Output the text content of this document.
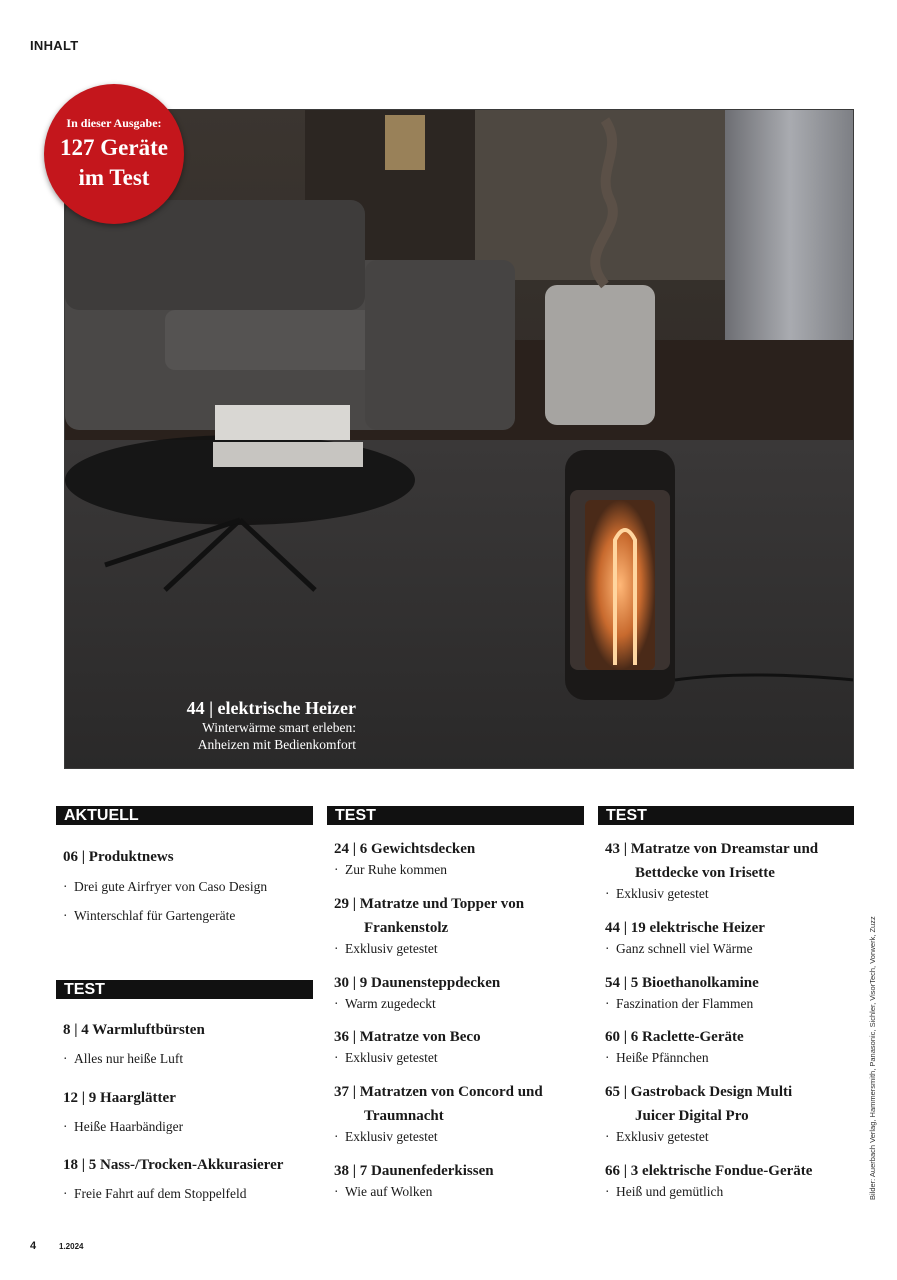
INHALT
In dieser Ausgabe:
127 Geräte
im Test
44 | elektrische Heizer
Winterwärme smart erleben:
Anheizen mit Bedienkomfort
AKTUELL
06 | Produktnews
· Drei gute Airfryer von Caso Design
· Winterschlaf für Gartengeräte
TEST
8 | 4 Warmluftbürsten
· Alles nur heiße Luft
12 | 9 Haarglätter
· Heiße Haarbändiger
18 | 5 Nass-/Trocken-Akkurasierer
· Freie Fahrt auf dem Stoppelfeld
TEST
24 | 6 Gewichtsdecken
· Zur Ruhe kommen
29 | Matratze und Topper von
Frankenstolz
· Exklusiv getestet
30 | 9 Daunensteppdecken
· Warm zugedeckt
36 | Matratze von Beco
· Exklusiv getestet
37 | Matratzen von Concord und
Traumnacht
· Exklusiv getestet
38 | 7 Daunenfederkissen
· Wie auf Wolken
TEST
43 | Matratze von Dreamstar und
Bettdecke von Irisette
· Exklusiv getestet
44 | 19 elektrische Heizer
· Ganz schnell viel Wärme
54 | 5 Bioethanolkamine
· Faszination der Flammen
60 | 6 Raclette-Geräte
· Heiße Pfännchen
65 | Gastroback Design Multi
Juicer Digital Pro
· Exklusiv getestet
66 | 3 elektrische Fondue-Geräte
· Heiß und gemütlich	Bilder: Auerbach Verlag, Hammersmith, Panasonic, Sichler, VisorTech, Vorwerk, Zuzz
4	1.2024
